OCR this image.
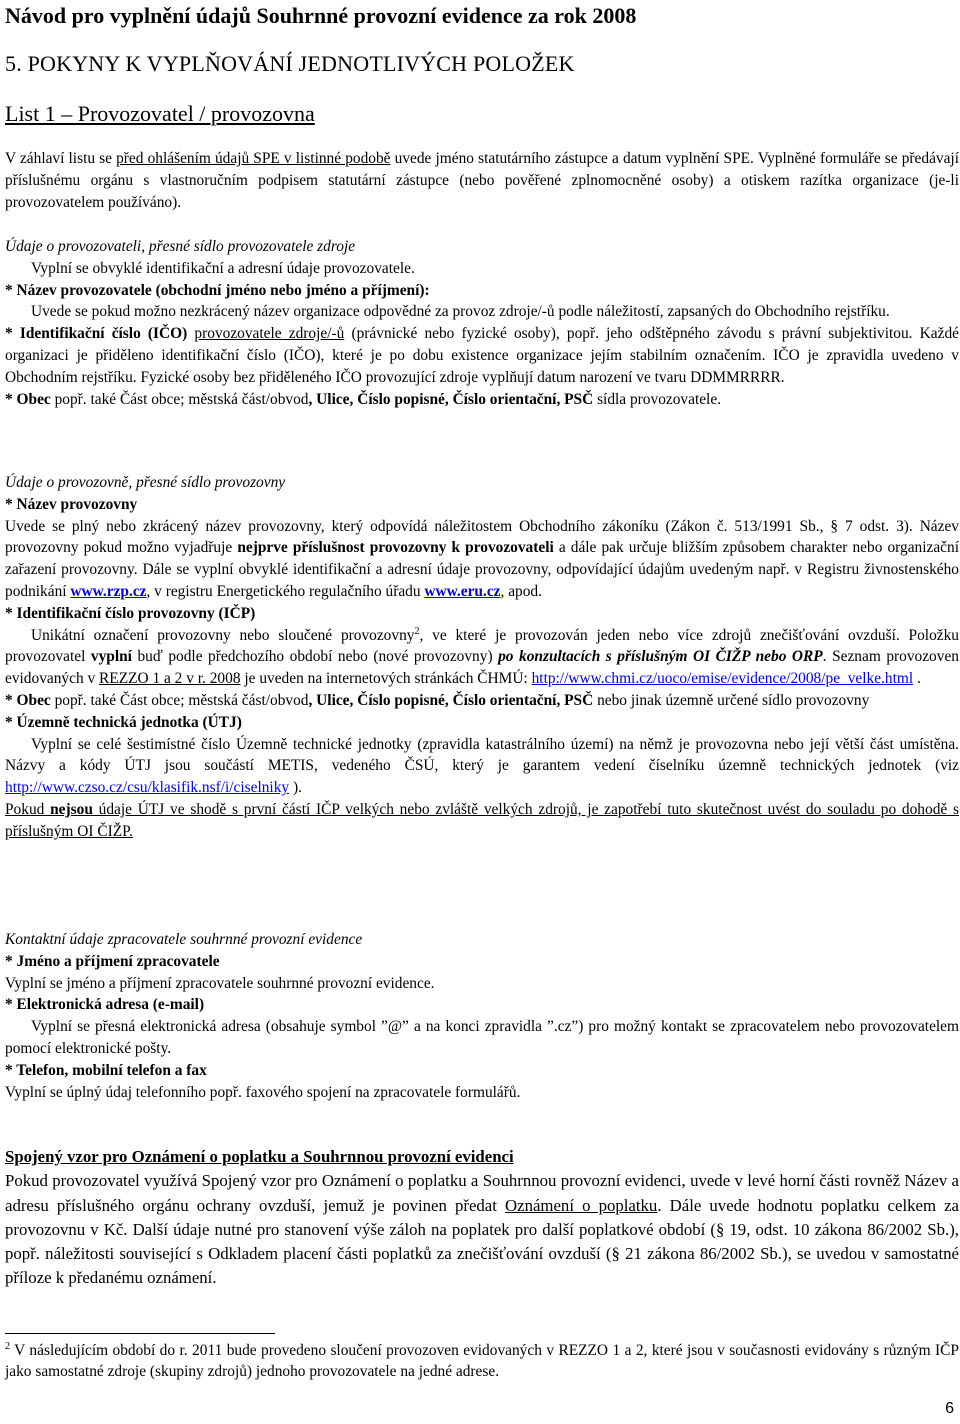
Návod pro vyplnění údajů Souhrnné provozní evidence za rok 2008
5. POKYNY K VYPLŇOVÁNÍ JEDNOTLIVÝCH POLOŽEK
List 1 – Provozovatel / provozovna

V záhlaví listu se před ohlášením údajů SPE v listinné podobě uvede jméno statutárního zástupce a datum vyplnění SPE. Vyplněné formuláře se předávají příslušnému orgánu s vlastnoručním podpisem statutární zástupce (nebo pověřené zplnomocněné osoby) a otiskem razítka organizace (je-li provozovatelem používáno).

Údaje o provozovateli, přesné sídlo provozovatele zdroje

Vyplní se obvyklé identifikační a adresní údaje provozovatele.

* Název provozovatele (obchodní jméno nebo jméno a příjmení):

Uvede se pokud možno nezkrácený název organizace odpovědné za provoz zdroje/-ů podle náležitostí, zapsaných do Obchodního rejstříku.

* Identifikační číslo (IČO) provozovatele zdroje/-ů (právnické nebo fyzické osoby), popř. jeho odštěpného závodu s právní subjektivitou. Každé organizaci je přiděleno identifikační číslo (IČO), které je po dobu existence organizace jejím stabilním označením. IČO je zpravidla uvedeno v Obchodním rejstříku. Fyzické osoby bez přiděleného IČO provozující zdroje vyplňují datum narození ve tvaru DDMMRRRR.

* Obec popř. také Část obce; městská část/obvod, Ulice, Číslo popisné, Číslo orientační, PSČ sídla provozovatele.

Údaje o provozovně, přesné sídlo provozovny

* Název provozovny

Uvede se plný nebo zkrácený název provozovny, který odpovídá náležitostem Obchodního zákoníku (Zákon č. 513/1991 Sb., § 7 odst. 3). Název provozovny pokud možno vyjadřuje nejprve příslušnost provozovny k provozovateli a dále pak určuje bližším způsobem charakter nebo organizační zařazení provozovny. Dále se vyplní obvyklé identifikační a adresní údaje provozovny, odpovídající údajům uvedeným např. v Registru živnostenského podnikání www.rzp.cz, v registru Energetického regulačního úřadu www.eru.cz, apod.

* Identifikační číslo provozovny (IČP)

Unikátní označení provozovny nebo sloučené provozovny$^2$, ve které je provozován jeden nebo více zdrojů znečišťování ovzduší. Položku provozovatel vyplní buď podle předchozího období nebo (nové provozovny) po konzultacích s příslušným OI ČIŽP nebo ORP. Seznam provozoven evidovaných v REZZO 1 a 2 v r. 2008 je uveden na internetových stránkách ČHMÚ: http://www.chmi.cz/uoco/emise/evidence/2008/pe_velke.html .

* Obec popř. také Část obce; městská část/obvod, Ulice, Číslo popisné, Číslo orientační, PSČ nebo jinak územně určené sídlo provozovny

* Územně technická jednotka (ÚTJ)

Vyplní se celé šestimístné číslo Územně technické jednotky (zpravidla katastrálního území) na němž je provozovna nebo její větší část umístěna. Názvy a kódy ÚTJ jsou součástí METIS, vedeného ČSÚ, který je garantem vedení číselníku územně technických jednotek (viz http://www.czso.cz/csu/klasifik.nsf/i/ciselniky ).

Pokud nejsou údaje ÚTJ ve shodě s první částí IČP velkých nebo zvláště velkých zdrojů, je zapotřebí tuto skutečnost uvést do souladu po dohodě s příslušným OI ČIŽP.

Kontaktní údaje zpracovatele souhrnné provozní evidence

* Jméno a příjmení zpracovatele

Vyplní se jméno a příjmení zpracovatele souhrnné provozní evidence.

* Elektronická adresa (e-mail)

Vyplní se přesná elektronická adresa (obsahuje symbol ”@” a na konci zpravidla ”.cz”) pro možný kontakt se zpracovatelem nebo provozovatelem pomocí elektronické pošty.

* Telefon, mobilní telefon a fax

Vyplní se úplný údaj telefonního popř. faxového spojení na zpracovatele formulářů.

Spojený vzor pro Oznámení o poplatku a Souhrnnou provozní evidenci

Pokud provozovatel využívá Spojený vzor pro Oznámení o poplatku a Souhrnnou provozní evidenci, uvede v levé horní části rovněž Název a adresu příslušného orgánu ochrany ovzduší, jemuž je povinen předat Oznámení o poplatku. Dále uvede hodnotu poplatku celkem za provozovnu v Kč. Další údaje nutné pro stanovení výše záloh na poplatek pro další poplatkové období (§ 19, odst. 10 zákona 86/2002 Sb.), popř. náležitosti související s Odkladem placení části poplatků za znečišťování ovzduší (§ 21 zákona 86/2002 Sb.), se uvedou v samostatné příloze k předanému oznámení.

$^2$ V následujícím období do r. 2011 bude provedeno sloučení provozoven evidovaných v REZZO 1 a 2, které jsou v současnosti evidovány s různým IČP jako samostatné zdroje (skupiny zdrojů) jednoho provozovatele na jedné adrese.

6
